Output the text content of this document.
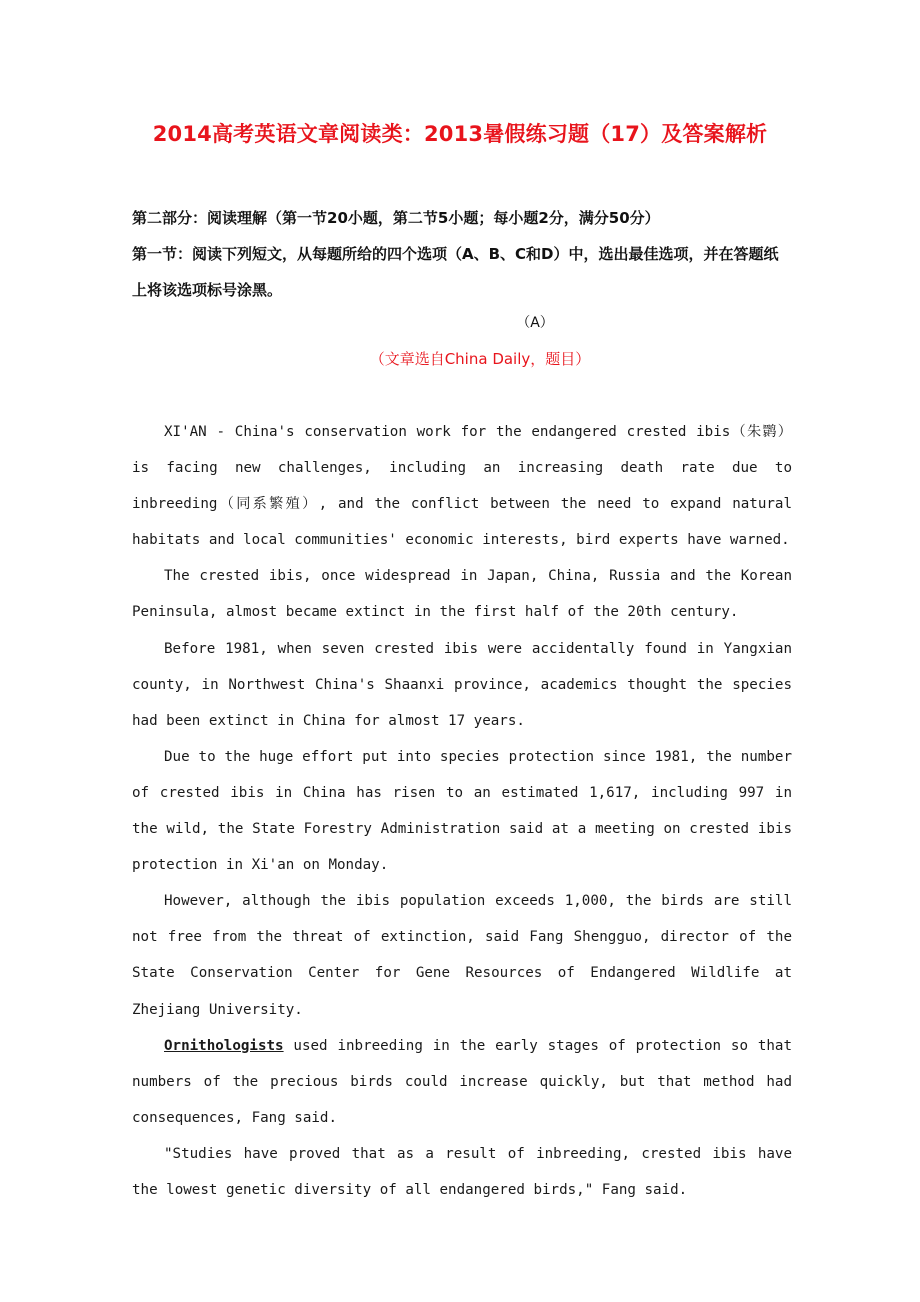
2014高考英语文章阅读类：2013暑假练习题（17）及答案解析

第二部分：阅读理解（第一节20小题，第二节5小题；每小题2分，满分50分）

第一节：阅读下列短文，从每题所给的四个选项（A、B、C和D）中，选出最佳选项，并在答题纸上将该选项标号涂黑。

（A）
（文章选自China Daily，题目）

XI'AN - China's conservation work for the endangered crested ibis（朱鹮）is facing new challenges, including an increasing death rate due to inbreeding（同系繁殖）, and the conflict between the need to expand natural habitats and local communities' economic interests, bird experts have warned.

The crested ibis, once widespread in Japan, China, Russia and the Korean Peninsula, almost became extinct in the first half of the 20th century.

Before 1981, when seven crested ibis were accidentally found in Yangxian county, in Northwest China's Shaanxi province, academics thought the species had been extinct in China for almost 17 years.

Due to the huge effort put into species protection since 1981, the number of crested ibis in China has risen to an estimated 1,617, including 997 in the wild, the State Forestry Administration said at a meeting on crested ibis protection in Xi'an on Monday.

However, although the ibis population exceeds 1,000, the birds are still not free from the threat of extinction, said Fang Shengguo, director of the State Conservation Center for Gene Resources of Endangered Wildlife at Zhejiang University.

Ornithologists used inbreeding in the early stages of protection so that numbers of the precious birds could increase quickly, but that method had consequences, Fang said.

"Studies have proved that as a result of inbreeding, crested ibis have the lowest genetic diversity of all endangered birds," Fang said.
